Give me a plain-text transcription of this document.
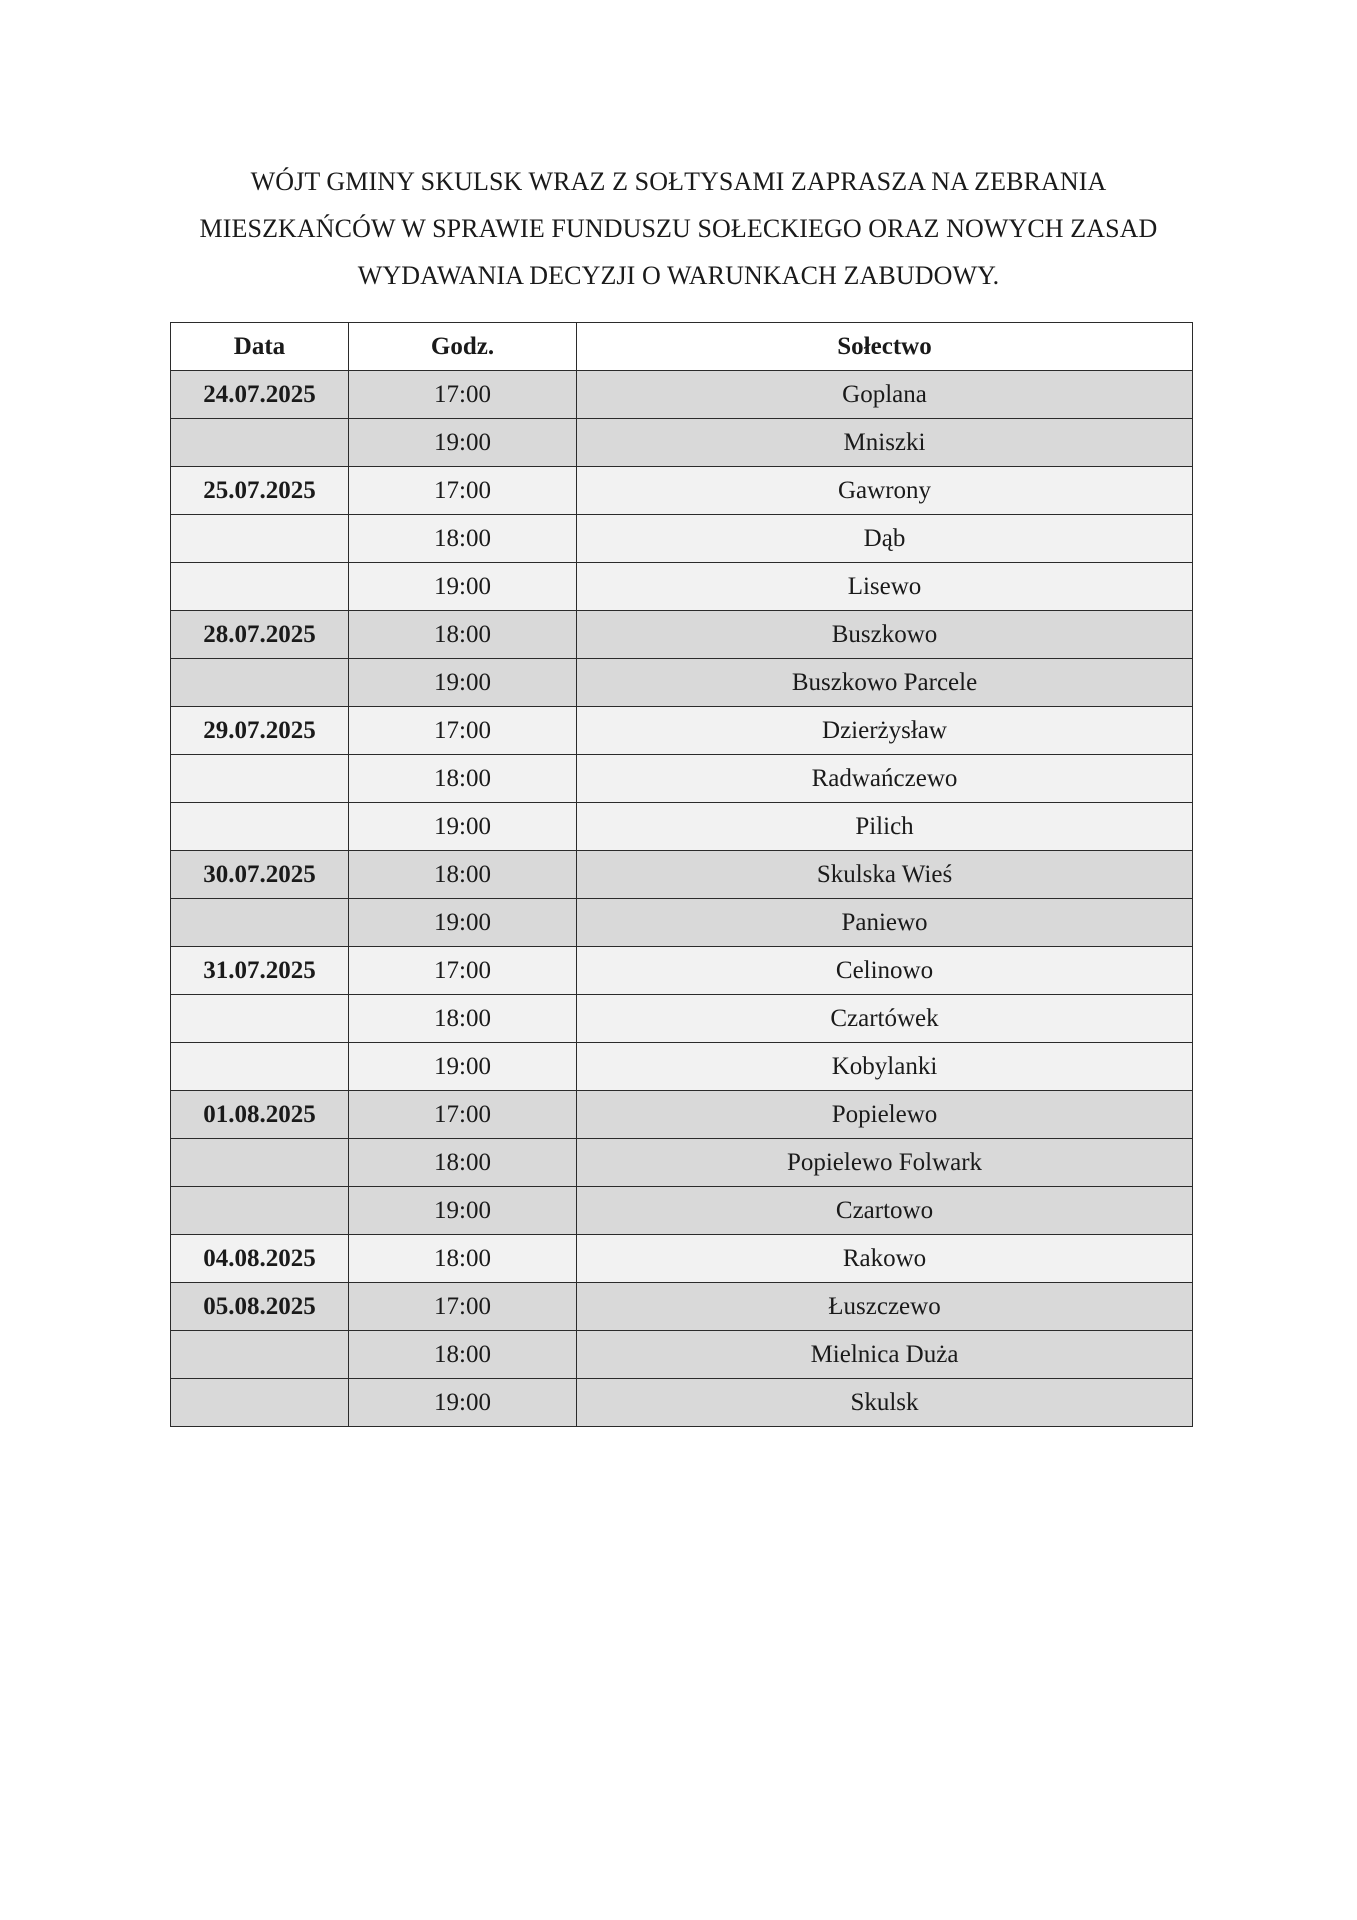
WÓJT GMINY SKULSK WRAZ Z SOŁTYSAMI ZAPRASZA NA ZEBRANIA
MIESZKAŃCÓW W SPRAWIE FUNDUSZU SOŁECKIEGO ORAZ NOWYCH ZASAD
WYDAWANIA DECYZJI O WARUNKACH ZABUDOWY.
Data	Godz.	Sołectwo
24.07.2025	17:00	Goplana
	19:00	Mniszki
25.07.2025	17:00	Gawrony
	18:00	Dąb
	19:00	Lisewo
28.07.2025	18:00	Buszkowo
	19:00	Buszkowo Parcele
29.07.2025	17:00	Dzierżysław
	18:00	Radwańczewo
	19:00	Pilich
30.07.2025	18:00	Skulska Wieś
	19:00	Paniewo
31.07.2025	17:00	Celinowo
	18:00	Czartówek
	19:00	Kobylanki
01.08.2025	17:00	Popielewo
	18:00	Popielewo Folwark
	19:00	Czartowo
04.08.2025	18:00	Rakowo
05.08.2025	17:00	Łuszczewo
	18:00	Mielnica Duża
	19:00	Skulsk
